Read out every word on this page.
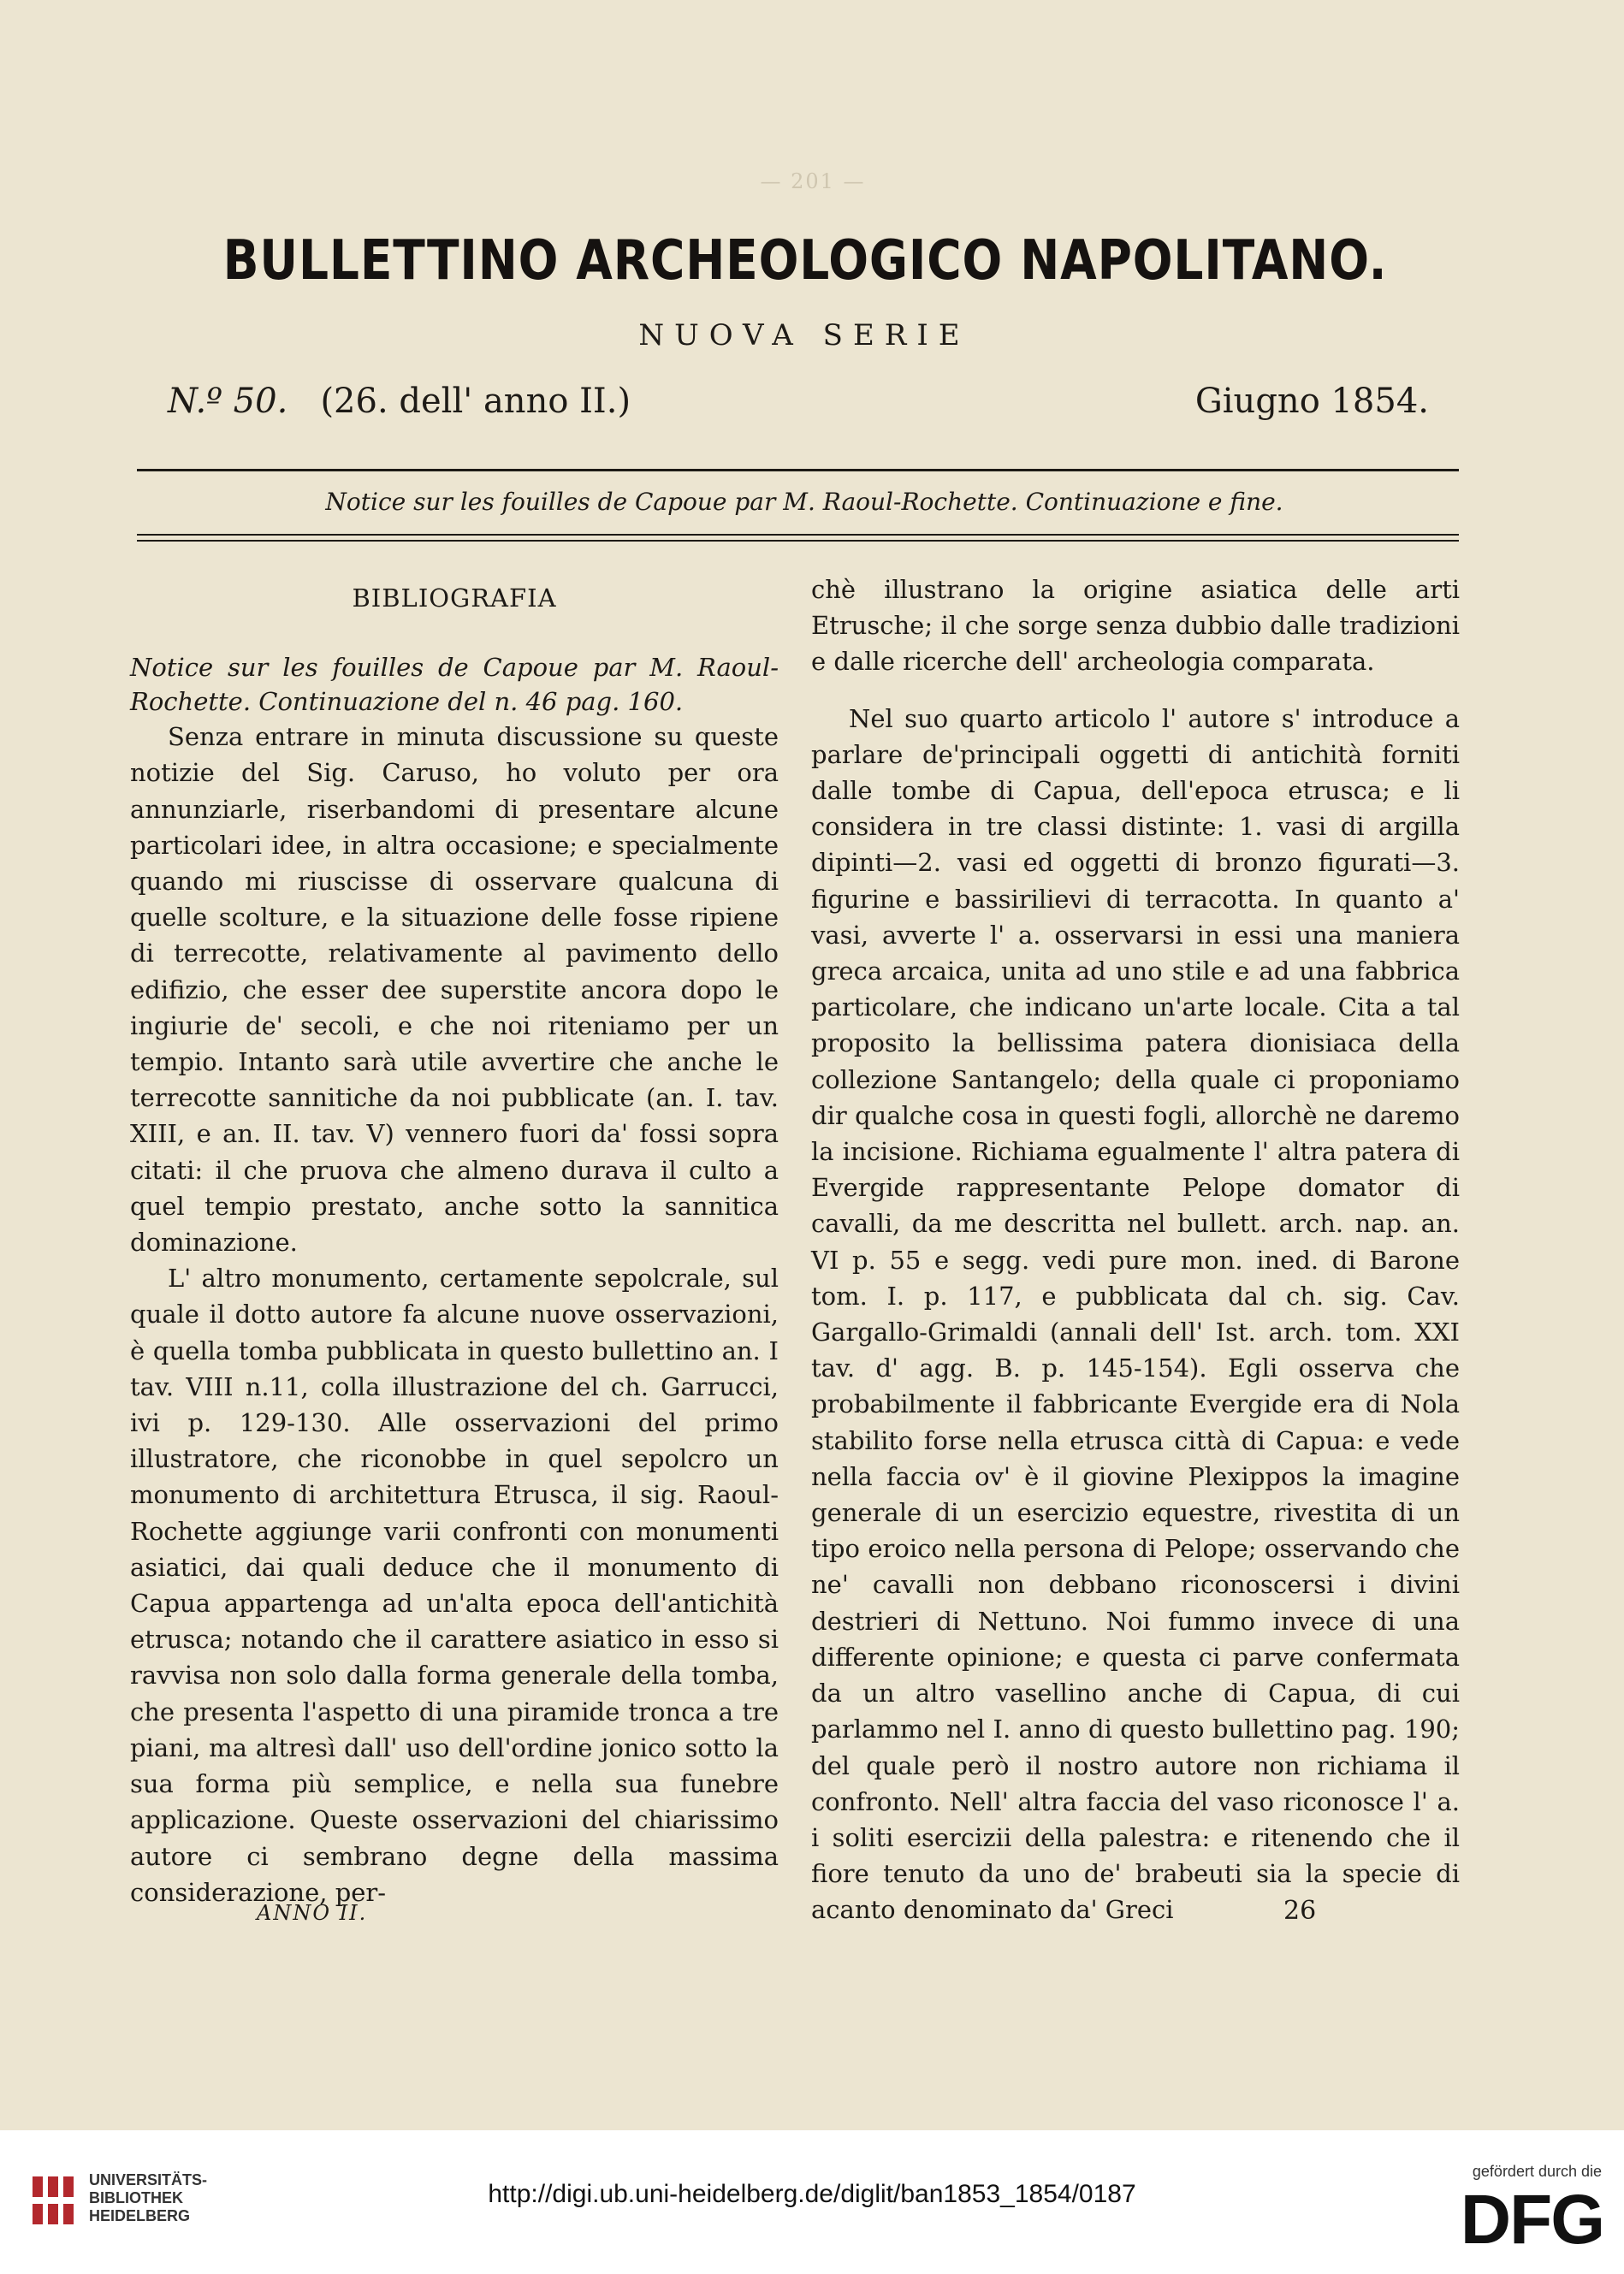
— 201 —
BULLETTINO ARCHEOLOGICO NAPOLITANO.
NUOVA SERIE
N.º 50. (26. dell' anno II.)	Giugno 1854.
Notice sur les fouilles de Capoue par M. Raoul-Rochette. Continuazione e fine.
BIBLIOGRAFIA

Notice sur les fouilles de Capoue par M. Raoul-Rochette. Continuazione del n. 46 pag. 160.

Senza entrare in minuta discussione su queste notizie del Sig. Caruso, ho voluto per ora annunziarle, riserbandomi di presentare alcune particolari idee, in altra occasione; e specialmente quando mi riuscisse di osservare qualcuna di quelle scolture, e la situazione delle fosse ripiene di terrecotte, relativamente al pavimento dello edifizio, che esser dee superstite ancora dopo le ingiurie de' secoli, e che noi riteniamo per un tempio. Intanto sarà utile avvertire che anche le terrecotte sannitiche da noi pubblicate (an. I. tav. XIII, e an. II. tav. V) vennero fuori da' fossi sopra citati: il che pruova che almeno durava il culto a quel tempio prestato, anche sotto la sannitica dominazione.

L' altro monumento, certamente sepolcrale, sul quale il dotto autore fa alcune nuove osservazioni, è quella tomba pubblicata in questo bullettino an. I tav. VIII n.11, colla illustrazione del ch. Garrucci, ivi p. 129-130. Alle osservazioni del primo illustratore, che riconobbe in quel sepolcro un monumento di architettura Etrusca, il sig. Raoul-Rochette aggiunge varii confronti con monumenti asiatici, dai quali deduce che il monumento di Capua appartenga ad un'alta epoca dell'antichità etrusca; notando che il carattere asiatico in esso si ravvisa non solo dalla forma generale della tomba, che presenta l'aspetto di una piramide tronca a tre piani, ma altresì dall' uso dell'ordine jonico sotto la sua forma più semplice, e nella sua funebre applicazione. Queste osservazioni del chiarissimo autore ci sembrano degne della massima considerazione, per-

chè illustrano la origine asiatica delle arti Etrusche; il che sorge senza dubbio dalle tradizioni e dalle ricerche dell' archeologia comparata.

Nel suo quarto articolo l' autore s' introduce a parlare de'principali oggetti di antichità forniti dalle tombe di Capua, dell'epoca etrusca; e li considera in tre classi distinte: 1. vasi di argilla dipinti—2. vasi ed oggetti di bronzo figurati—3. figurine e bassirilievi di terracotta. In quanto a' vasi, avverte l' a. osservarsi in essi una maniera greca arcaica, unita ad uno stile e ad una fabbrica particolare, che indicano un'arte locale. Cita a tal proposito la bellissima patera dionisiaca della collezione Santangelo; della quale ci proponiamo dir qualche cosa in questi fogli, allorchè ne daremo la incisione. Richiama egualmente l' altra patera di Evergide rappresentante Pelope domator di cavalli, da me descritta nel bullett. arch. nap. an. VI p. 55 e segg. vedi pure mon. ined. di Barone tom. I. p. 117, e pubblicata dal ch. sig. Cav. Gargallo-Grimaldi (annali dell' Ist. arch. tom. XXI tav. d' agg. B. p. 145-154). Egli osserva che probabilmente il fabbricante Evergide era di Nola stabilito forse nella etrusca città di Capua: e vede nella faccia ov' è il giovine Plexippos la imagine generale di un esercizio equestre, rivestita di un tipo eroico nella persona di Pelope; osservando che ne' cavalli non debbano riconoscersi i divini destrieri di Nettuno. Noi fummo invece di una differente opinione; e questa ci parve confermata da un altro vasellino anche di Capua, di cui parlammo nel I. anno di questo bullettino pag. 190; del quale però il nostro autore non richiama il confronto. Nell' altra faccia del vaso riconosce l' a. i soliti esercizii della palestra: e ritenendo che il fiore tenuto da uno de' brabeuti sia la specie di acanto denominato da' Greci

ANNO II.	26
UNIVERSITÄTS-
BIBLIOTHEK
HEIDELBERG
http://digi.ub.uni-heidelberg.de/diglit/ban1853_1854/0187
gefördert durch die
DFG
